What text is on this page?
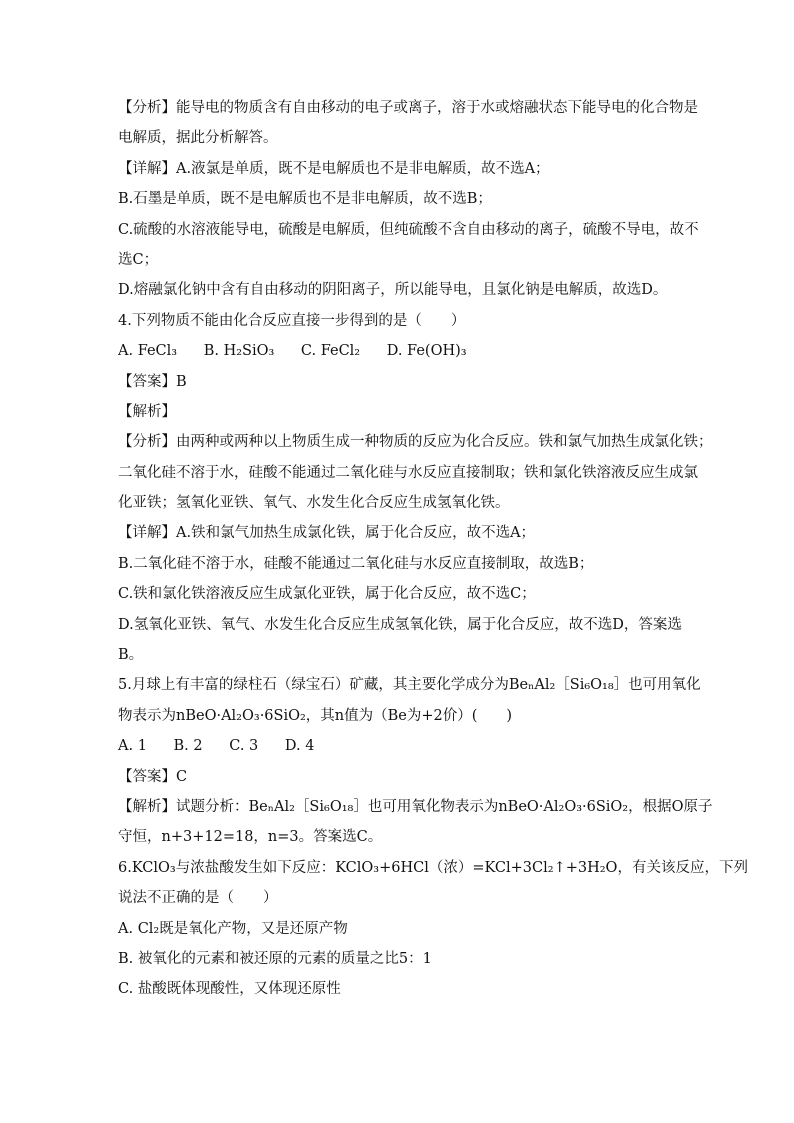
【分析】能导电的物质含有自由移动的电子或离子，溶于水或熔融状态下能导电的化合物是
电解质，据此分析解答。
【详解】A.液氯是单质，既不是电解质也不是非电解质，故不选A；
B.石墨是单质，既不是电解质也不是非电解质，故不选B；
C.硫酸的水溶液能导电，硫酸是电解质，但纯硫酸不含自由移动的离子，硫酸不导电，故不
选C；
D.熔融氯化钠中含有自由移动的阴阳离子，所以能导电，且氯化钠是电解质，故选D。
4.下列物质不能由化合反应直接一步得到的是（　　）
A. FeCl₃ B. H₂SiO₃ C. FeCl₂ D. Fe(OH)₃
【答案】B
【解析】
【分析】由两种或两种以上物质生成一种物质的反应为化合反应。铁和氯气加热生成氯化铁；
二氧化硅不溶于水，硅酸不能通过二氧化硅与水反应直接制取；铁和氯化铁溶液反应生成氯
化亚铁；氢氧化亚铁、氧气、水发生化合反应生成氢氧化铁。
【详解】A.铁和氯气加热生成氯化铁，属于化合反应，故不选A；
B.二氧化硅不溶于水，硅酸不能通过二氧化硅与水反应直接制取，故选B；
C.铁和氯化铁溶液反应生成氯化亚铁，属于化合反应，故不选C；
D.氢氧化亚铁、氧气、水发生化合反应生成氢氧化铁，属于化合反应，故不选D，答案选
B。
5.月球上有丰富的绿柱石（绿宝石）矿藏，其主要化学成分为BeₙAl₂［Si₆O₁₈］也可用氧化
物表示为nBeO·Al₂O₃·6SiO₂，其n值为（Be为+2价）(　　)
A. 1 B. 2 C. 3 D. 4
【答案】C
【解析】试题分析：BeₙAl₂［Si₆O₁₈］也可用氧化物表示为nBeO·Al₂O₃·6SiO₂，根据O原子
守恒，n+3+12=18，n=3。答案选C。
6.KClO₃与浓盐酸发生如下反应：KClO₃+6HCl（浓）=KCl+3Cl₂↑+3H₂O，有关该反应，下列
说法不正确的是（　　）
A. Cl₂既是氧化产物，又是还原产物
B. 被氧化的元素和被还原的元素的质量之比5：1
C. 盐酸既体现酸性，又体现还原性
